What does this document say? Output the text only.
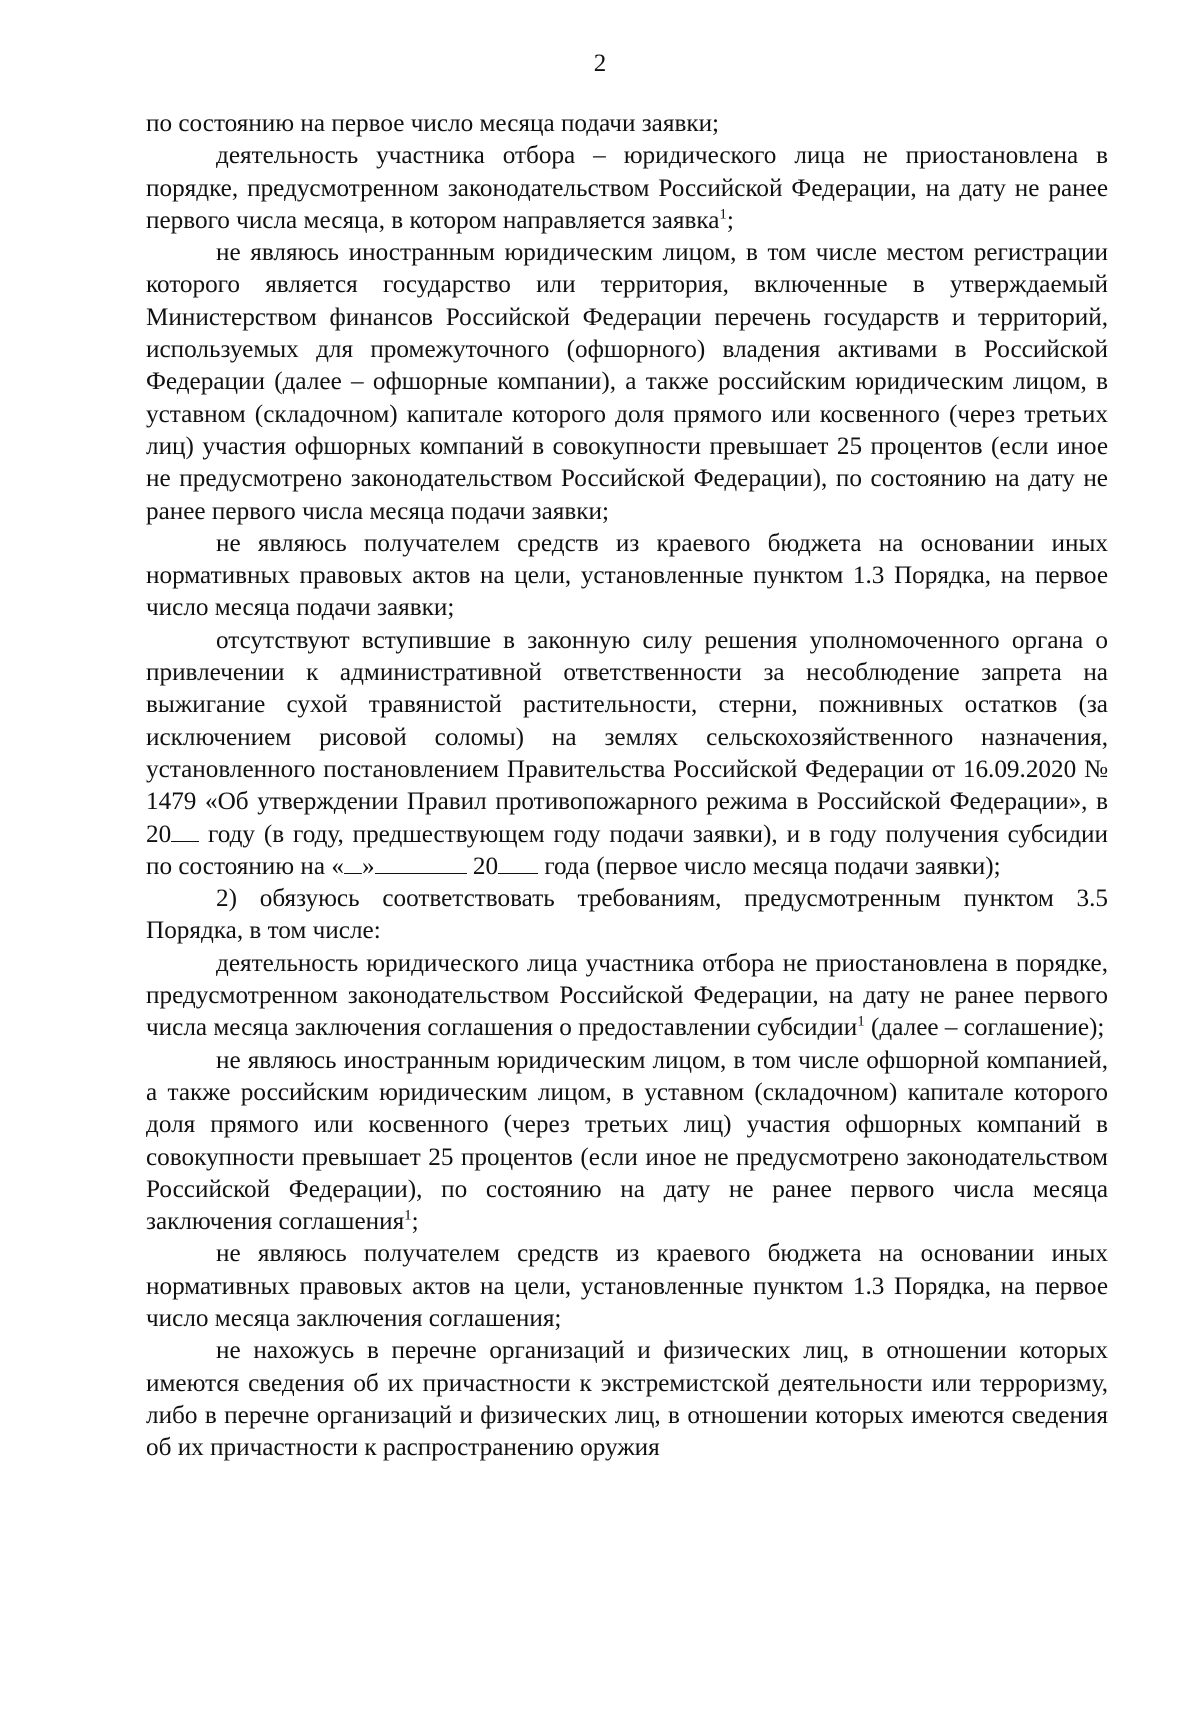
2

по состоянию на первое число месяца подачи заявки;

деятельность участника отбора – юридического лица не приостановлена в порядке, предусмотренном законодательством Российской Федерации, на дату не ранее первого числа месяца, в котором направляется заявка$^1$;

не являюсь иностранным юридическим лицом, в том числе местом регистрации которого является государство или территория, включенные в утверждаемый Министерством финансов Российской Федерации перечень государств и территорий, используемых для промежуточного (офшорного) владения активами в Российской Федерации (далее – офшорные компании), а также российским юридическим лицом, в уставном (складочном) капитале которого доля прямого или косвенного (через третьих лиц) участия офшорных компаний в совокупности превышает 25 процентов (если иное не предусмотрено законодательством Российской Федерации), по состоянию на дату не ранее первого числа месяца подачи заявки;

не являюсь получателем средств из краевого бюджета на основании иных нормативных правовых актов на цели, установленные пунктом 1.3 Порядка, на первое число месяца подачи заявки;

отсутствуют вступившие в законную силу решения уполномоченного органа о привлечении к административной ответственности за несоблюдение запрета на выжигание сухой травянистой растительности, стерни, пожнивных остатков (за исключением рисовой соломы) на землях сельскохозяйственного назначения, установленного постановлением Правительства Российской Федерации от 16.09.2020 № 1479 «Об утверждении Правил противопожарного режима в Российской Федерации», в 20 году (в году, предшествующем году подачи заявки), и в году получения субсидии по состоянию на « »	20 года (первое число месяца подачи заявки);

2) обязуюсь соответствовать требованиям, предусмотренным пунктом 3.5 Порядка, в том числе:

деятельность юридического лица участника отбора не приостановлена в порядке, предусмотренном законодательством Российской Федерации, на дату не ранее первого числа месяца заключения соглашения о предоставлении субсидии$^1$ (далее – соглашение);

не являюсь иностранным юридическим лицом, в том числе офшорной компанией, а также российским юридическим лицом, в уставном (складочном) капитале которого доля прямого или косвенного (через третьих лиц) участия офшорных компаний в совокупности превышает 25 процентов (если иное не предусмотрено законодательством Российской Федерации), по состоянию на дату не ранее первого числа месяца заключения соглашения$^1$;

не являюсь получателем средств из краевого бюджета на основании иных нормативных правовых актов на цели, установленные пунктом 1.3 Порядка, на первое число месяца заключения соглашения;

не нахожусь в перечне организаций и физических лиц, в отношении которых имеются сведения об их причастности к экстремистской деятельности или терроризму, либо в перечне организаций и физических лиц, в отношении которых имеются сведения об их причастности к распространению оружия
